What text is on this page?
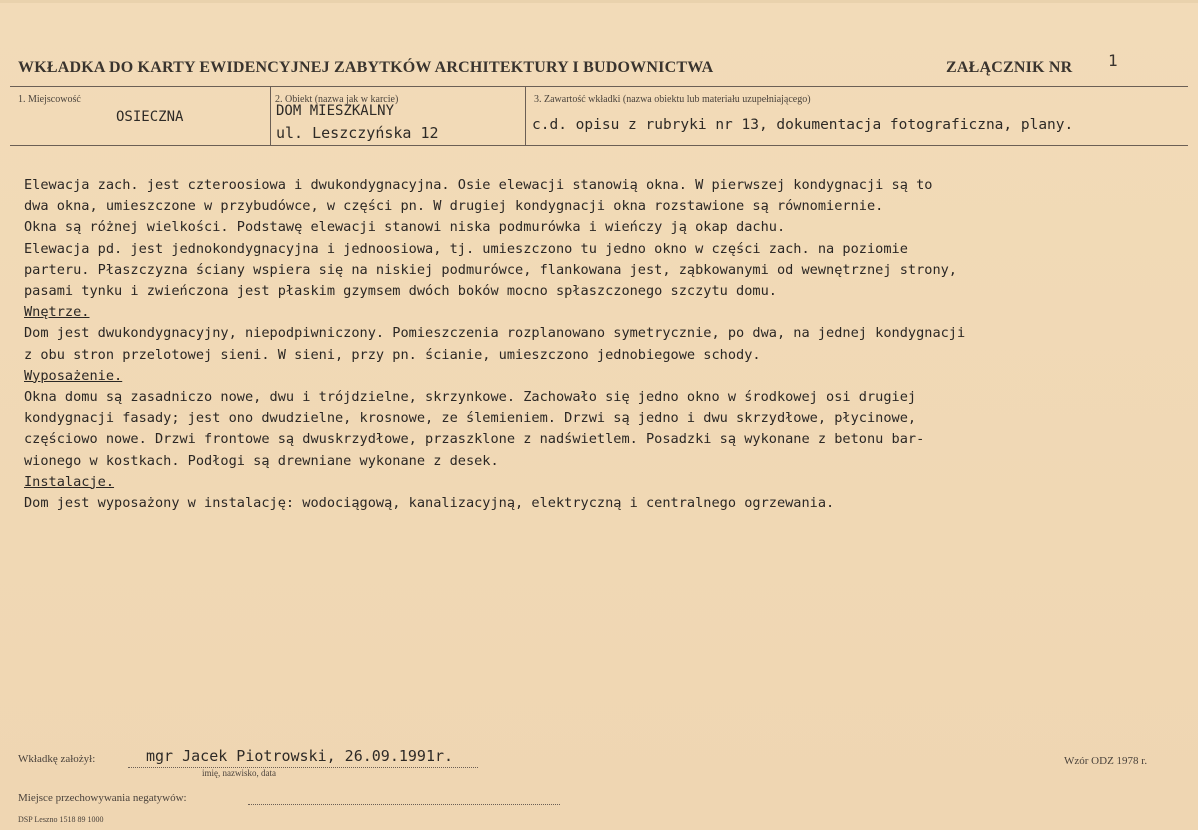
WKŁADKA DO KARTY EWIDENCYJNEJ ZABYTKÓW ARCHITEKTURY I BUDOWNICTWA	ZAŁĄCZNIK NR 1
1. Miejscowość
OSIECZNA
2. Obiekt (nazwa jak w karcie)
DOM MIESZKALNY
ul. Leszczyńska 12
3. Zawartość wkładki (nazwa obiektu lub materiału uzupełniającego)
c.d. opisu z rubryki nr 13, dokumentacja fotograficzna, plany.
Elewacja zach. jest czteroosiowa i dwukondygnacyjna. Osie elewacji stanowią okna. W pierwszej kondygnacji są to
dwa okna, umieszczone w przybudówce, w części pn. W drugiej kondygnacji okna rozstawione są równomiernie.
Okna są różnej wielkości. Podstawę elewacji stanowi niska podmurówka i wieńczy ją okap dachu.
Elewacja pd. jest jednokondygnacyjna i jednoosiowa, tj. umieszczono tu jedno okno w części zach. na poziomie
parteru. Płaszczyzna ściany wspiera się na niskiej podmurówce, flankowana jest, ząbkowanymi od wewnętrznej strony,
pasami tynku i zwieńczona jest płaskim gzymsem dwóch boków mocno spłaszczonego szczytu domu.
Wnętrze.
Dom jest dwukondygnacyjny, niepodpiwniczony. Pomieszczenia rozplanowano symetrycznie, po dwa, na jednej kondygnacji
z obu stron przelotowej sieni. W sieni, przy pn. ścianie, umieszczono jednobiegowe schody.
Wyposażenie.
Okna domu są zasadniczo nowe, dwu i trójdzielne, skrzynkowe. Zachowało się jedno okno w środkowej osi drugiej
kondygnacji fasady; jest ono dwudzielne, krosnowe, ze ślemieniem. Drzwi są jedno i dwu skrzydłowe, płycinowe,
częściowo nowe. Drzwi frontowe są dwuskrzydłowe, przaszklone z nadświetlem. Posadzki są wykonane z betonu bar-
wionego w kostkach. Podłogi są drewniane wykonane z desek.
Instalacje.
Dom jest wyposażony w instalację: wodociągową, kanalizacyjną, elektryczną i centralnego ogrzewania.
Wkładkę założył:	mgr Jacek Piotrowski, 26.09.1991r.
imię, nazwisko, data
Wzór ODZ 1978 r.
Miejsce przechowywania negatywów:
DSP Leszno 1518 89 1000
